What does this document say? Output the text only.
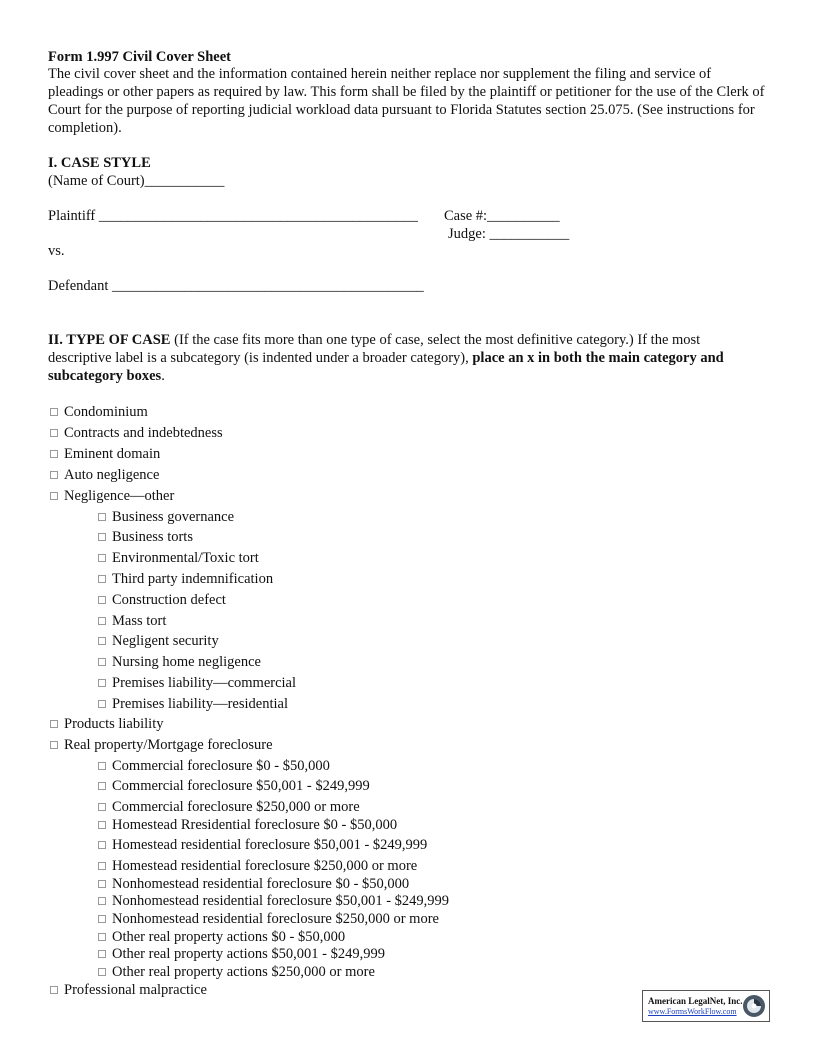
Form 1.997 Civil Cover Sheet
The civil cover sheet and the information contained herein neither replace nor supplement the filing and service of pleadings or other papers as required by law. This form shall be filed by the plaintiff or petitioner for the use of the Clerk of Court for the purpose of reporting judicial workload data pursuant to Florida Statutes section 25.075. (See instructions for completion).
I. CASE STYLE
(Name of Court)___________
Plaintiff ____________________________________________ Case #:__________
Judge: ___________
vs.
Defendant ___________________________________________
II. TYPE OF CASE (If the case fits more than one type of case, select the most definitive category.) If the most descriptive label is a subcategory (is indented under a broader category), place an x in both the main category and subcategory boxes.
Condominium
Contracts and indebtedness
Eminent domain
Auto negligence
Negligence—other
Business governance
Business torts
Environmental/Toxic tort
Third party indemnification
Construction defect
Mass tort
Negligent security
Nursing home negligence
Premises liability—commercial
Premises liability—residential
Products liability
Real property/Mortgage foreclosure
Commercial foreclosure $0 - $50,000
Commercial foreclosure $50,001 - $249,999
Commercial foreclosure $250,000 or more
Homestead Rresidential foreclosure $0 - $50,000
Homestead residential foreclosure $50,001 - $249,999
Homestead residential foreclosure $250,000 or more
Nonhomestead residential foreclosure $0 - $50,000
Nonhomestead residential foreclosure $50,001 - $249,999
Nonhomestead residential foreclosure $250,000 or more
Other real property actions $0 - $50,000
Other real property actions $50,001 - $249,999
Other real property actions $250,000 or more
Professional malpractice
American LegalNet, Inc.
www.FormsWorkFlow.com
